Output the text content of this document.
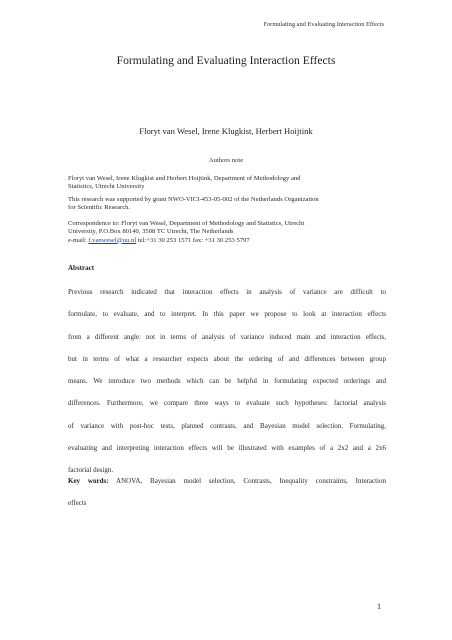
Formulating and Evaluating Interaction Effects
Formulating and Evaluating Interaction Effects
Floryt van Wesel, Irene Klugkist, Herbert Hoijtink
Authors note
Floryt van Wesel, Irene Klugkist and Herbert Hoijtink, Department of Methodology and
Statistics, Utrecht University
This research was supported by grant NWO-VICI-453-05-002 of the Netherlands Organization
for Scientific Research.
Correspondence to: Floryt van Wesel, Department of Methodology and Statistics, Utrecht
University, P.O.Box 80140, 3508 TC Utrecht, The Netherlands
e-mail: f.vanwesel@uu.nl tel:+31 30 253 1571 fax: +31 30 253 5797
Abstract
Previous research indicated that interaction effects in analysis of variance are difficult to
formulate, to evaluate, and to interpret. In this paper we propose to look at interaction effects
from a different angle: not in terms of analysis of variance induced main and interaction effects,
but in terms of what a researcher expects about the ordering of and differences between group
means. We introduce two methods which can be helpful in formulating expected orderings and
differences. Furthermore, we compare three ways to evaluate such hypotheses: factorial analysis
of variance with post-hoc tests, planned contrasts, and Bayesian model selection. Formulating,
evaluating and interpreting interaction effects will be illustrated with examples of a 2x2 and a 2x6
factorial design.
Key words: ANOVA, Bayesian model selection, Contrasts, Inequality constraints, Interaction
effects
1
